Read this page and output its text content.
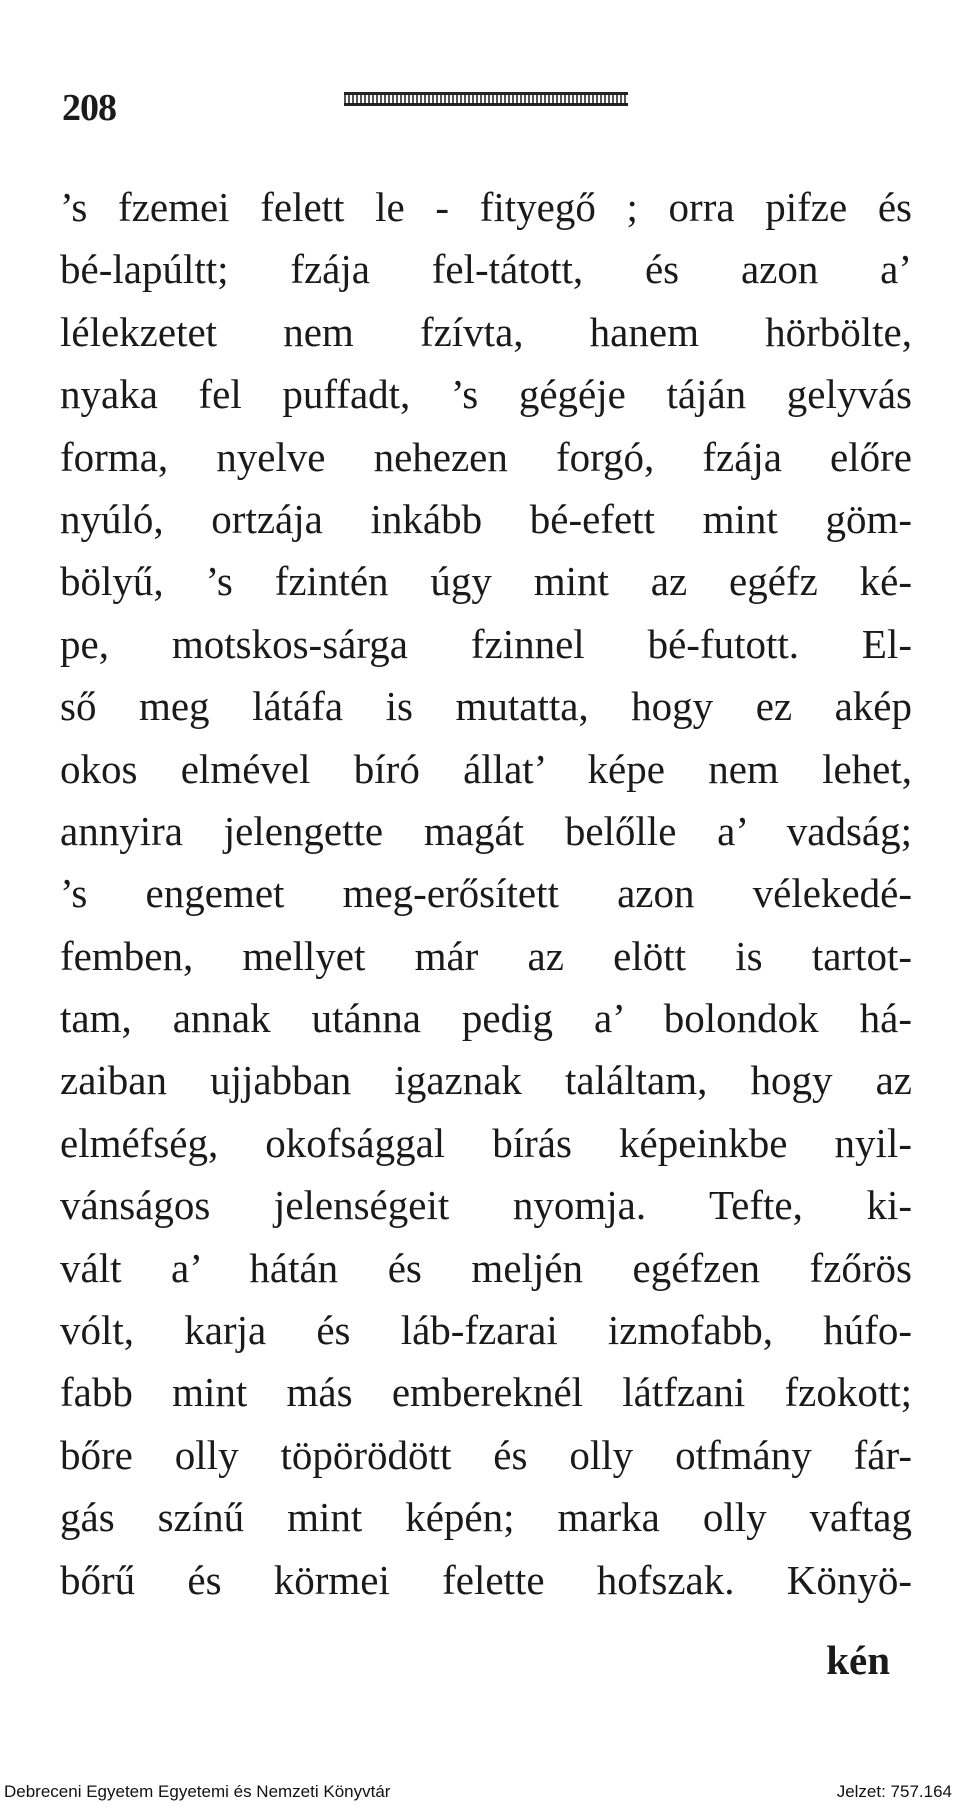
208
’s fzemei felett le - fityegő ; orra pifze és
bé-lapúltt; fzája fel-tátott, és azon a’
lélekzetet nem fzívta, hanem hörbölte,
nyaka fel puffadt, ’s gégéje táján gelyvás
forma, nyelve nehezen forgó, fzája előre
nyúló, ortzája inkább bé-efett mint göm-
bölyű, ’s fzintén úgy mint az egéfz ké-
pe, motskos-sárga fzinnel bé-futott. El-
ső meg látáfa is mutatta, hogy ez akép
okos elmével bíró állat’ képe nem lehet,
annyira jelengette magát belőlle a’ vadság;
’s engemet meg-erősített azon vélekedé-
femben, mellyet már az elött is tartot-
tam, annak utánna pedig a’ bolondok há-
zaiban ujjabban igaznak találtam, hogy az
elméfség, okofsággal bírás képeinkbe nyil-
vánságos jelenségeit nyomja. Tefte, ki-
vált a’ hátán és meljén egéfzen fzőrös
vólt, karja és láb-fzarai izmofabb, húfo-
fabb mint más embereknél látfzani fzokott;
bőre olly töpörödött és olly otfmány fár-
gás színű mint képén; marka olly vaftag
bőrű és körmei felette hofszak. Könyö-
kén
Debreceni Egyetem Egyetemi és Nemzeti Könyvtár	Jelzet: 757.164
